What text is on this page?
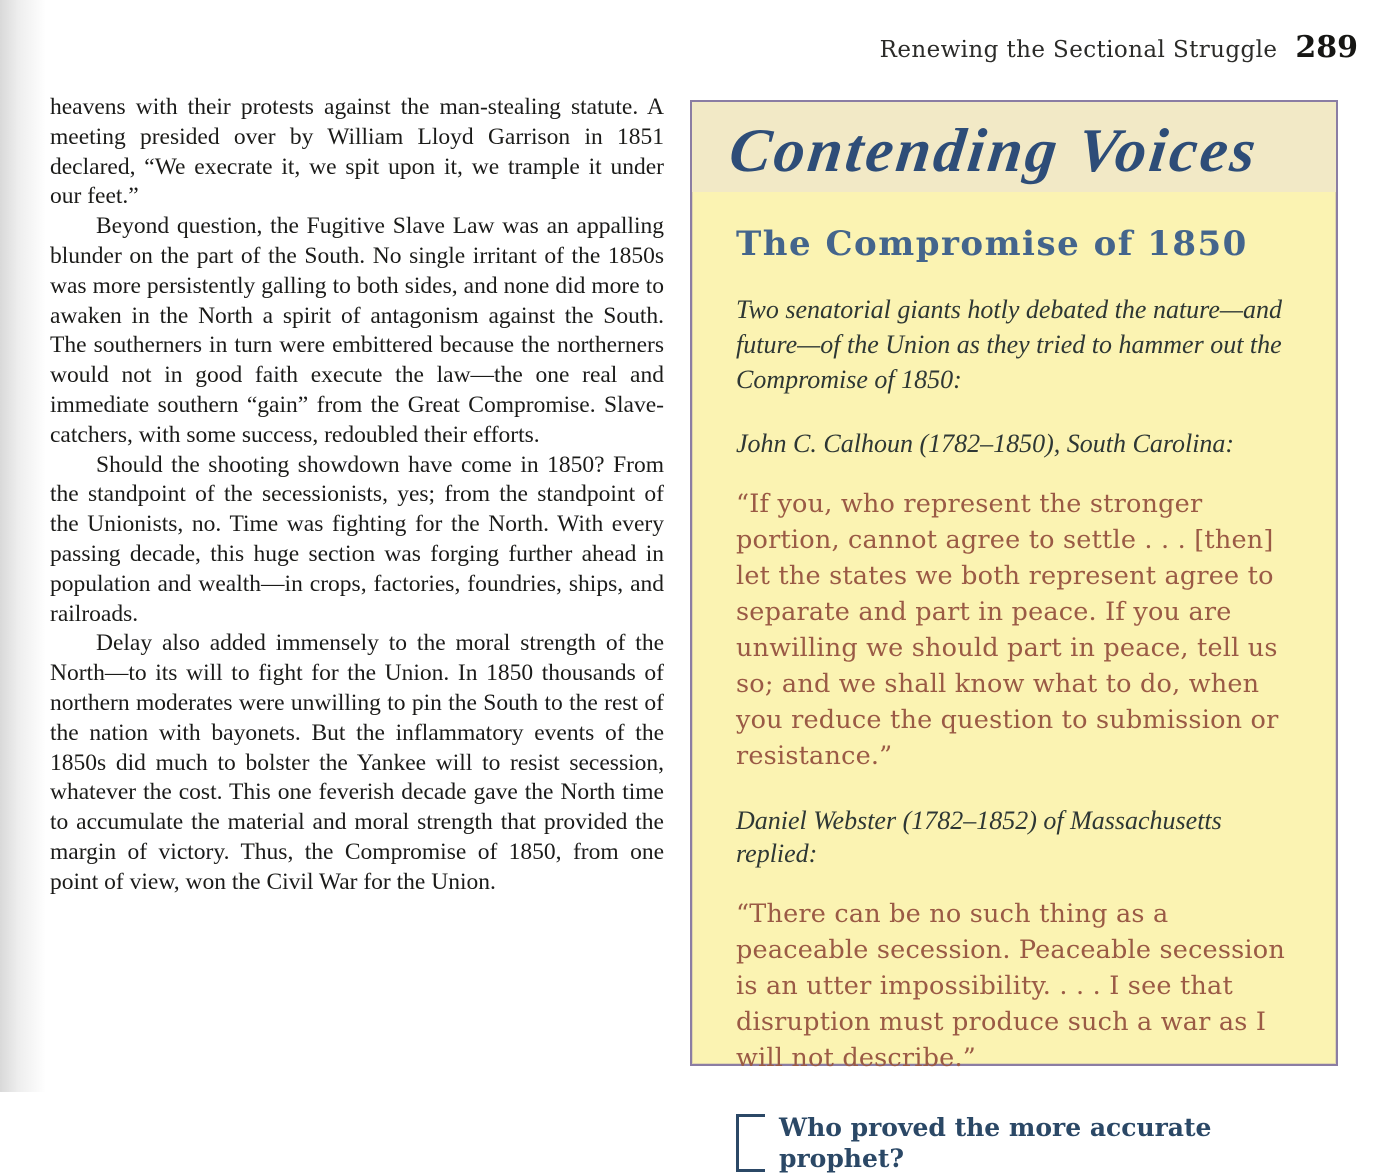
Renewing the Sectional Struggle 289

heavens with their protests against the man-stealing statute. A meeting presided over by William Lloyd Garrison in 1851 declared, “We execrate it, we spit upon it, we trample it under our feet.”

Beyond question, the Fugitive Slave Law was an appalling blunder on the part of the South. No single irritant of the 1850s was more persistently galling to both sides, and none did more to awaken in the North a spirit of antagonism against the South. The southerners in turn were embittered because the northerners would not in good faith execute the law—the one real and immediate southern “gain” from the Great Compromise. Slave-catchers, with some success, redoubled their efforts.

Should the shooting showdown have come in 1850? From the standpoint of the secessionists, yes; from the standpoint of the Unionists, no. Time was fighting for the North. With every passing decade, this huge section was forging further ahead in population and wealth—in crops, factories, foundries, ships, and railroads.

Delay also added immensely to the moral strength of the North—to its will to fight for the Union. In 1850 thousands of northern moderates were unwilling to pin the South to the rest of the nation with bayonets. But the inflammatory events of the 1850s did much to bolster the Yankee will to resist secession, whatever the cost. This one feverish decade gave the North time to accumulate the material and moral strength that provided the margin of victory. Thus, the Compromise of 1850, from one point of view, won the Civil War for the Union.

Contending Voices
The Compromise of 1850

Two senatorial giants hotly debated the nature—and future—of the Union as they tried to hammer out the Compromise of 1850:

John C. Calhoun (1782–1850), South Carolina:

“If you, who represent the stronger portion, cannot agree to settle . . . [then] let the states we both represent agree to separate and part in peace. If you are unwilling we should part in peace, tell us so; and we shall know what to do, when you reduce the question to submission or resistance.”

Daniel Webster (1782–1852) of Massachusetts replied:

“There can be no such thing as a peaceable secession. Peaceable secession is an utter impossibility. . . . I see that disruption must produce such a war as I will not describe.”

Who proved the more accurate prophet?
